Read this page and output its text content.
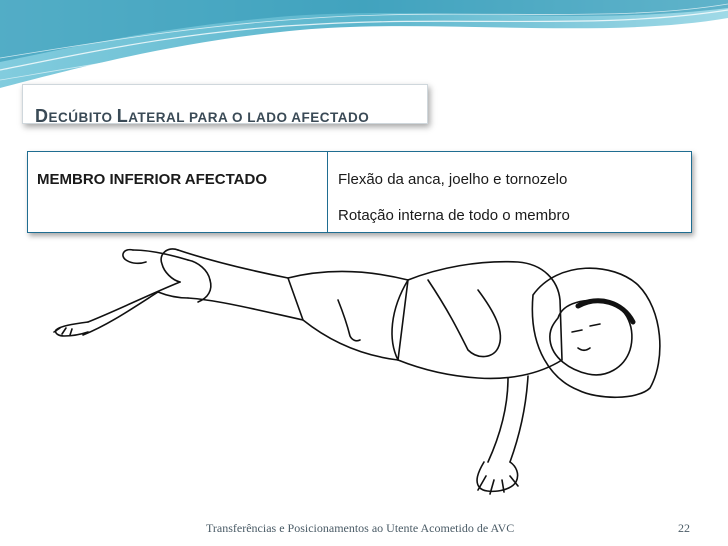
DECÚBITO LATERAL PARA O LADO AFECTADO
MEMBRO INFERIOR AFECTADO	Flexão da anca, joelho e tornozelo
Rotação interna de todo o membro
Transferências e Posicionamentos ao Utente Acometido de AVC	22
